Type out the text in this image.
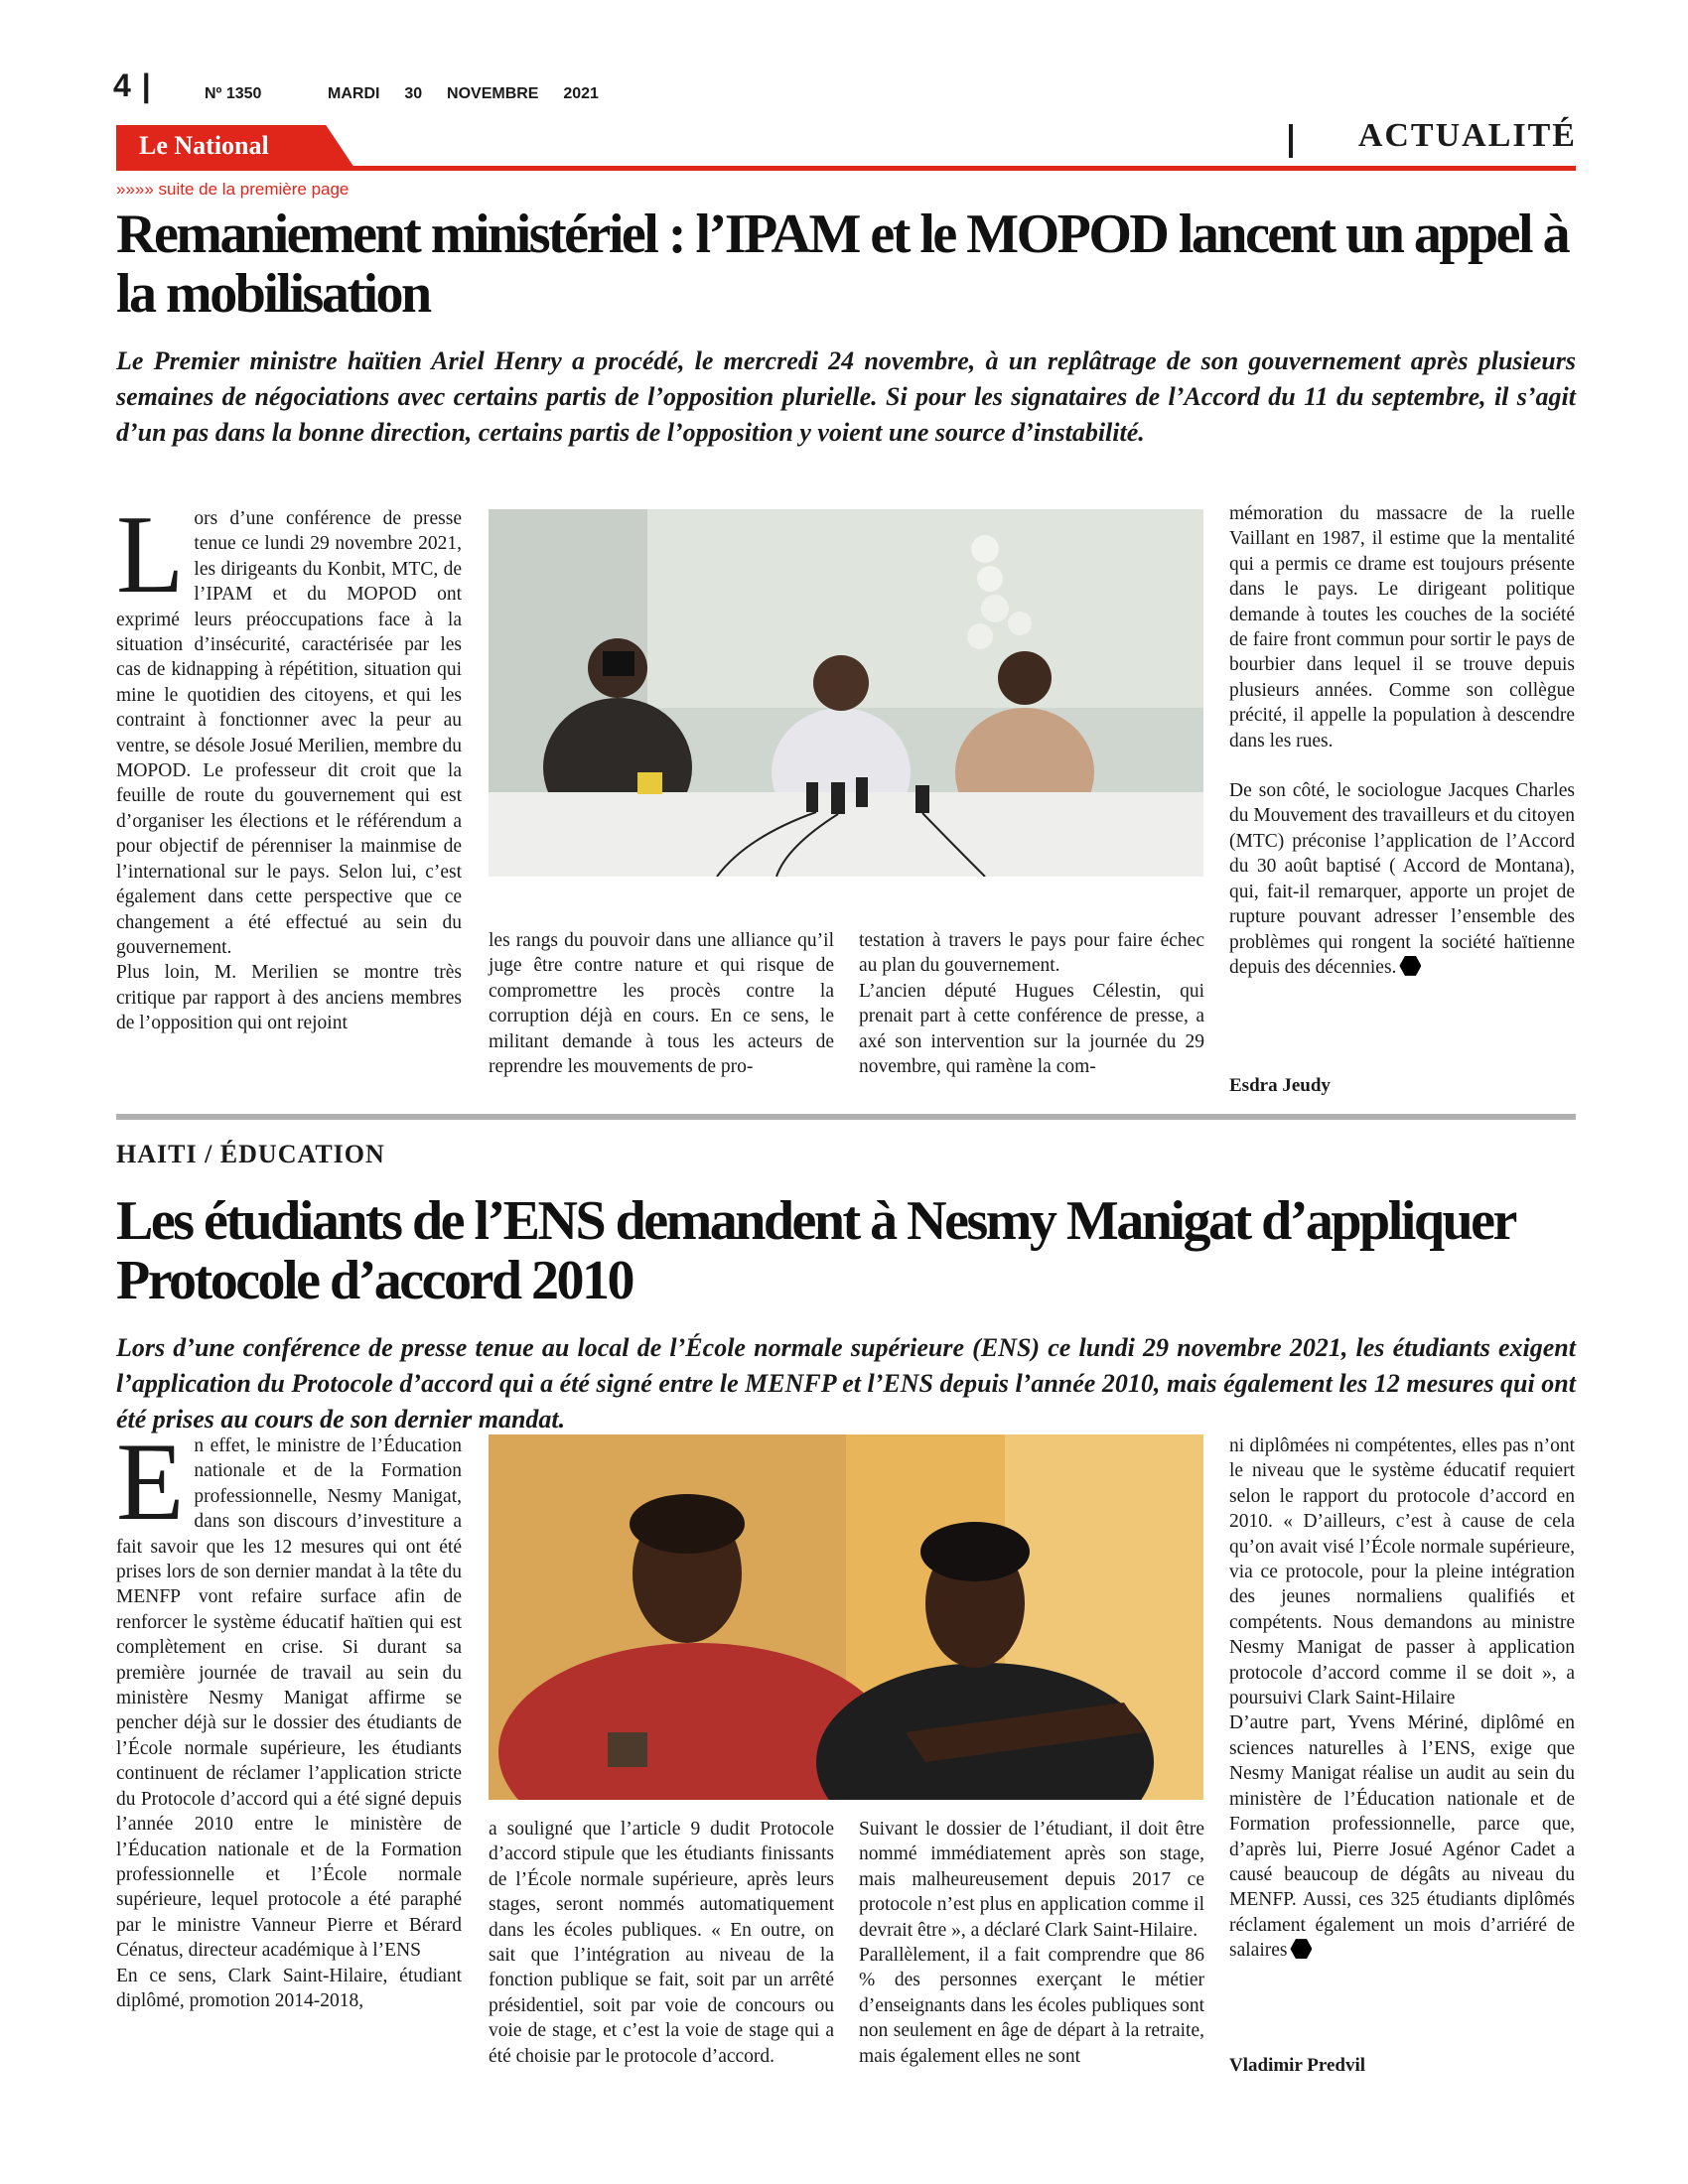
4 |	Nº 1350	MARDI  30  NOVEMBRE  2021
Le National	ACTUALITÉ
»»»» suite de la première page
Remaniement ministériel : l’IPAM et le MOPOD lancent un appel à la mobilisation
Le Premier ministre haïtien Ariel Henry a procédé, le mercredi 24 novembre, à un replâtrage de son gouvernement après plusieurs semaines de négociations avec certains partis de l’opposition plurielle. Si pour les signataires de l’Accord du 11 du septembre, il s’agit d’un pas dans la bonne direction, certains partis de l’opposition y voient une source d’instabilité.

Lors d’une conférence de presse tenue ce lundi 29 novembre 2021, les dirigeants du Konbit, MTC, de l’IPAM et du MOPOD ont exprimé leurs préoccupations face à la situation d’insécurité, caractérisée par les cas de kidnapping à répétition, situation qui mine le quotidien des citoyens, et qui les contraint à fonctionner avec la peur au ventre, se désole Josué Merilien, membre du MOPOD. Le professeur dit croit que la feuille de route du gouvernement qui est d’organiser les élections et le référendum a pour objectif de pérenniser la mainmise de l’international sur le pays. Selon lui, c’est également dans cette perspective que ce changement a été effectué au sein du gouvernement.

Plus loin, M. Merilien se montre très critique par rapport à des anciens membres de l’opposition qui ont rejoint

les rangs du pouvoir dans une alliance qu’il juge être contre nature et qui risque de compromettre les procès contre la corruption déjà en cours. En ce sens, le militant demande à tous les acteurs de reprendre les mouvements de pro-

testation à travers le pays pour faire échec au plan du gouvernement.

L’ancien député Hugues Célestin, qui prenait part à cette conférence de presse, a axé son intervention sur la journée du 29 novembre, qui ramène la com-

mémoration du massacre de la ruelle Vaillant en 1987, il estime que la mentalité qui a permis ce drame est toujours présente dans le pays. Le dirigeant politique demande à toutes les couches de la société de faire front commun pour sortir le pays de bourbier dans lequel il se trouve depuis plusieurs années. Comme son collègue précité, il appelle la population à descendre dans les rues.

De son côté, le sociologue Jacques Charles du Mouvement des travailleurs et du citoyen (MTC) préconise l’application de l’Accord du 30 août baptisé ( Accord de Montana), qui, fait-il remarquer, apporte un projet de rupture pouvant adresser l’ensemble des problèmes qui rongent la société haïtienne depuis des décennies.

Esdra Jeudy
HAITI / ÉDUCATION
Les étudiants de l’ENS demandent à Nesmy Manigat d’appliquer Protocole d’accord 2010
Lors d’une conférence de presse tenue au local de l’École normale supérieure (ENS) ce lundi 29 novembre 2021, les étudiants exigent l’application du Protocole d’accord qui a été signé entre le MENFP et l’ENS depuis l’année 2010, mais également les 12 mesures qui ont été prises au cours de son dernier mandat.

En effet, le ministre de l’Éducation nationale et de la Formation professionnelle, Nesmy Manigat, dans son discours d’investiture a fait savoir que les 12 mesures qui ont été prises lors de son dernier mandat à la tête du MENFP vont refaire surface afin de renforcer le système éducatif haïtien qui est complètement en crise. Si durant sa première journée de travail au sein du ministère Nesmy Manigat affirme se pencher déjà sur le dossier des étudiants de l’École normale supérieure, les étudiants continuent de réclamer l’application stricte du Protocole d’accord qui a été signé depuis l’année 2010 entre le ministère de l’Éducation nationale et de la Formation professionnelle et l’École normale supérieure, lequel protocole a été paraphé par le ministre Vanneur Pierre et Bérard Cénatus, directeur académique à l’ENS

En ce sens, Clark Saint-Hilaire, étudiant diplômé, promotion 2014-2018,

a souligné que l’article 9 dudit Protocole d’accord stipule que les étudiants finissants de l’École normale supérieure, après leurs stages, seront nommés automatiquement dans les écoles publiques. « En outre, on sait que l’intégration au niveau de la fonction publique se fait, soit par un arrêté présidentiel, soit par voie de concours ou voie de stage, et c’est la voie de stage qui a été choisie par le protocole d’accord.

Suivant le dossier de l’étudiant, il doit être nommé immédiatement après son stage, mais malheureusement depuis 2017 ce protocole n’est plus en application comme il devrait être », a déclaré Clark Saint-Hilaire.

Parallèlement, il a fait comprendre que 86 % des personnes exerçant le métier d’enseignants dans les écoles publiques sont non seulement en âge de départ à la retraite, mais également elles ne sont

ni diplômées ni compétentes, elles pas n’ont le niveau que le système éducatif requiert selon le rapport du protocole d’accord en 2010. « D’ailleurs, c’est à cause de cela qu’on avait visé l’École normale supérieure, via ce protocole, pour la pleine intégration des jeunes normaliens qualifiés et compétents. Nous demandons au ministre Nesmy Manigat de passer à application protocole d’accord comme il se doit », a poursuivi Clark Saint-Hilaire

D’autre part, Yvens Mériné, diplômé en sciences naturelles à l’ENS, exige que Nesmy Manigat réalise un audit au sein du ministère de l’Éducation nationale et de Formation professionnelle, parce que, d’après lui, Pierre Josué Agénor Cadet a causé beaucoup de dégâts au niveau du MENFP. Aussi, ces 325 étudiants diplômés réclament également un mois d’arriéré de salaires

Vladimir Predvil
